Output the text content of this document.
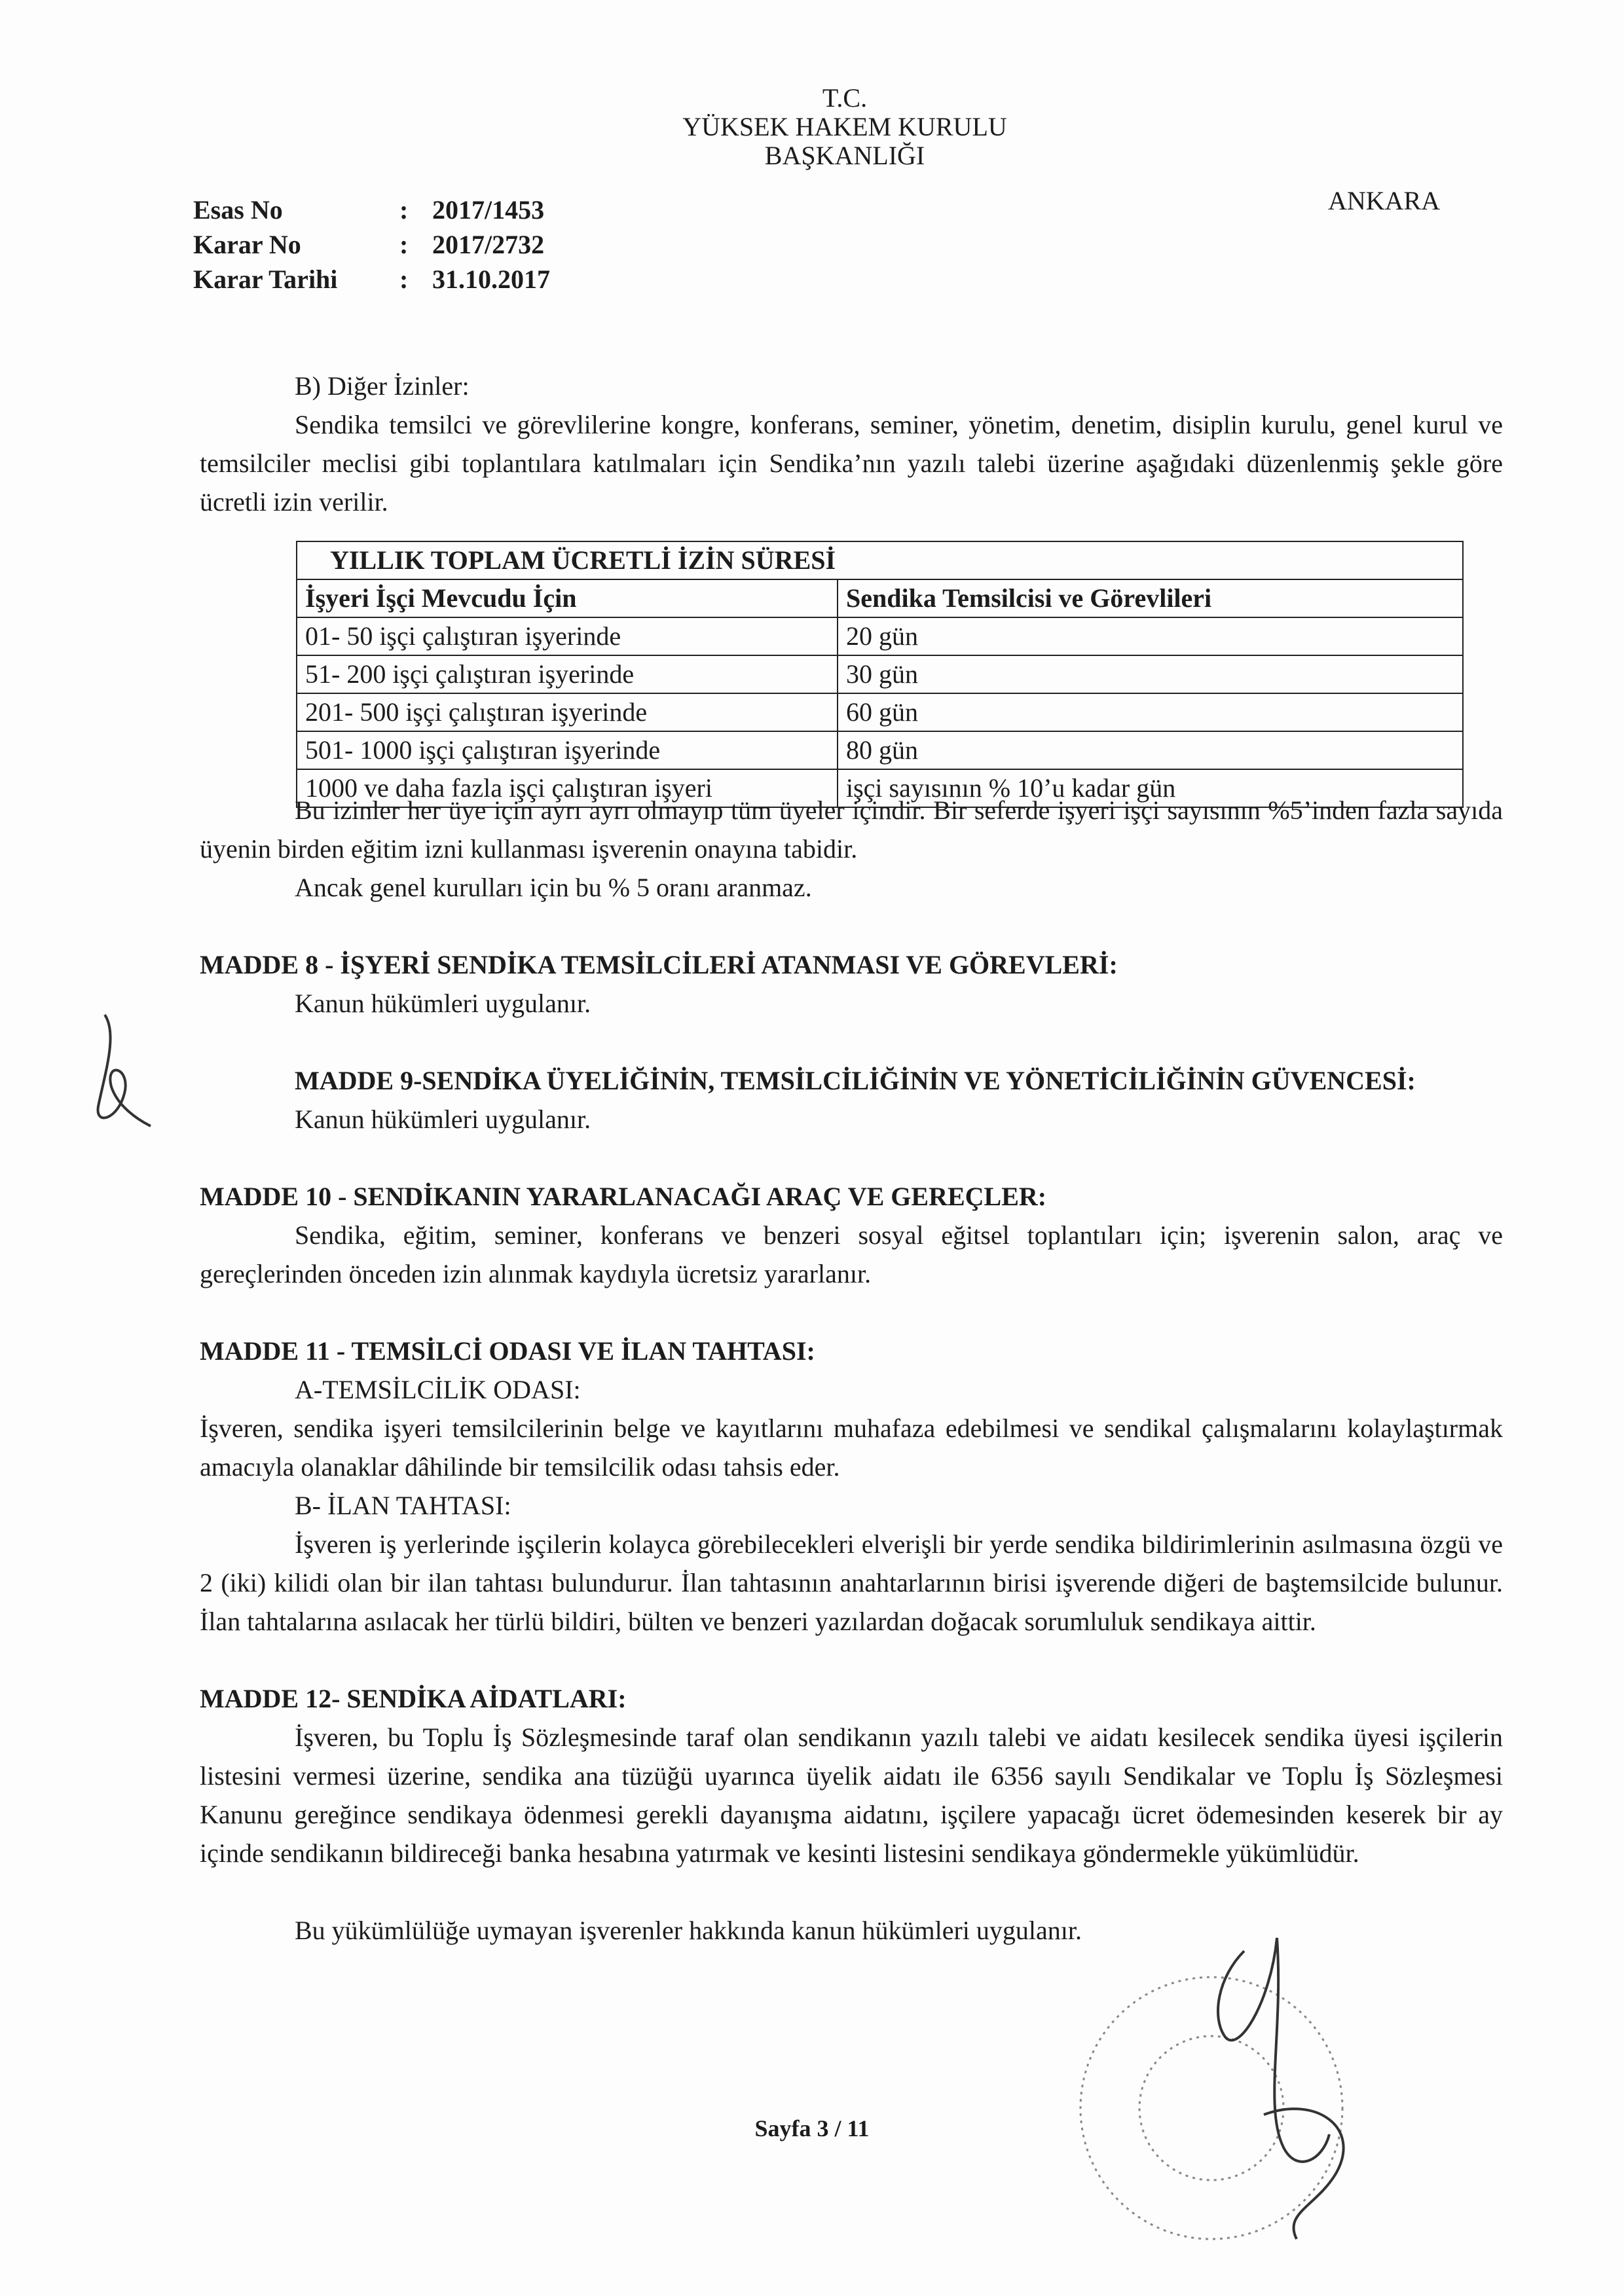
T.C.
YÜKSEK HAKEM KURULU
BAŞKANLIĞI
ANKARA
Esas No	: 2017/1453
Karar No	: 2017/2732
Karar Tarihi : 31.10.2017

B) Diğer İzinler:

Sendika temsilci ve görevlilerine kongre, konferans, seminer, yönetim, denetim, disiplin kurulu, genel kurul ve temsilciler meclisi gibi toplantılara katılmaları için Sendika’nın yazılı talebi üzerine aşağıdaki düzenlenmiş şekle göre ücretli izin verilir.

YILLIK TOPLAM ÜCRETLİ İZİN SÜRESİ	
İşyeri İşçi Mevcudu İçin	Sendika Temsilcisi ve Görevlileri
01- 50 işçi çalıştıran işyerinde	20 gün
51- 200 işçi çalıştıran işyerinde	30 gün
201- 500 işçi çalıştıran işyerinde	60 gün
501- 1000 işçi çalıştıran işyerinde	80 gün
1000 ve daha fazla işçi çalıştıran işyeri	işçi sayısının % 10’u kadar gün

Bu izinler her üye için ayrı ayrı olmayıp tüm üyeler içindir. Bir seferde işyeri işçi sayısının %5’inden fazla sayıda üyenin birden eğitim izni kullanması işverenin onayına tabidir.

Ancak genel kurulları için bu % 5 oranı aranmaz.

MADDE 8 - İŞYERİ SENDİKA TEMSİLCİLERİ ATANMASI VE GÖREVLERİ:

Kanun hükümleri uygulanır.

MADDE 9-SENDİKA ÜYELİĞİNİN, TEMSİLCİLİĞİNİN VE YÖNETİCİLİĞİNİN GÜVENCESİ:

Kanun hükümleri uygulanır.

MADDE 10 - SENDİKANIN YARARLANACAĞI ARAÇ VE GEREÇLER:

Sendika, eğitim, seminer, konferans ve benzeri sosyal eğitsel toplantıları için; işverenin salon, araç ve gereçlerinden önceden izin alınmak kaydıyla ücretsiz yararlanır.

MADDE 11 - TEMSİLCİ ODASI VE İLAN TAHTASI:

A-TEMSİLCİLİK ODASI:

İşveren, sendika işyeri temsilcilerinin belge ve kayıtlarını muhafaza edebilmesi ve sendikal çalışmalarını kolaylaştırmak amacıyla olanaklar dâhilinde bir temsilcilik odası tahsis eder.

B- İLAN TAHTASI:

İşveren iş yerlerinde işçilerin kolayca görebilecekleri elverişli bir yerde sendika bildirimlerinin asılmasına özgü ve 2 (iki) kilidi olan bir ilan tahtası bulundurur. İlan tahtasının anahtarlarının birisi işverende diğeri de baştemsilcide bulunur. İlan tahtalarına asılacak her türlü bildiri, bülten ve benzeri yazılardan doğacak sorumluluk sendikaya aittir.

MADDE 12- SENDİKA AİDATLARI:

İşveren, bu Toplu İş Sözleşmesinde taraf olan sendikanın yazılı talebi ve aidatı kesilecek sendika üyesi işçilerin listesini vermesi üzerine, sendika ana tüzüğü uyarınca üyelik aidatı ile 6356 sayılı Sendikalar ve Toplu İş Sözleşmesi Kanunu gereğince sendikaya ödenmesi gerekli dayanışma aidatını, işçilere yapacağı ücret ödemesinden keserek bir ay içinde sendikanın bildireceği banka hesabına yatırmak ve kesinti listesini sendikaya göndermekle yükümlüdür.

Bu yükümlülüğe uymayan işverenler hakkında kanun hükümleri uygulanır.

Sayfa 3 / 11
